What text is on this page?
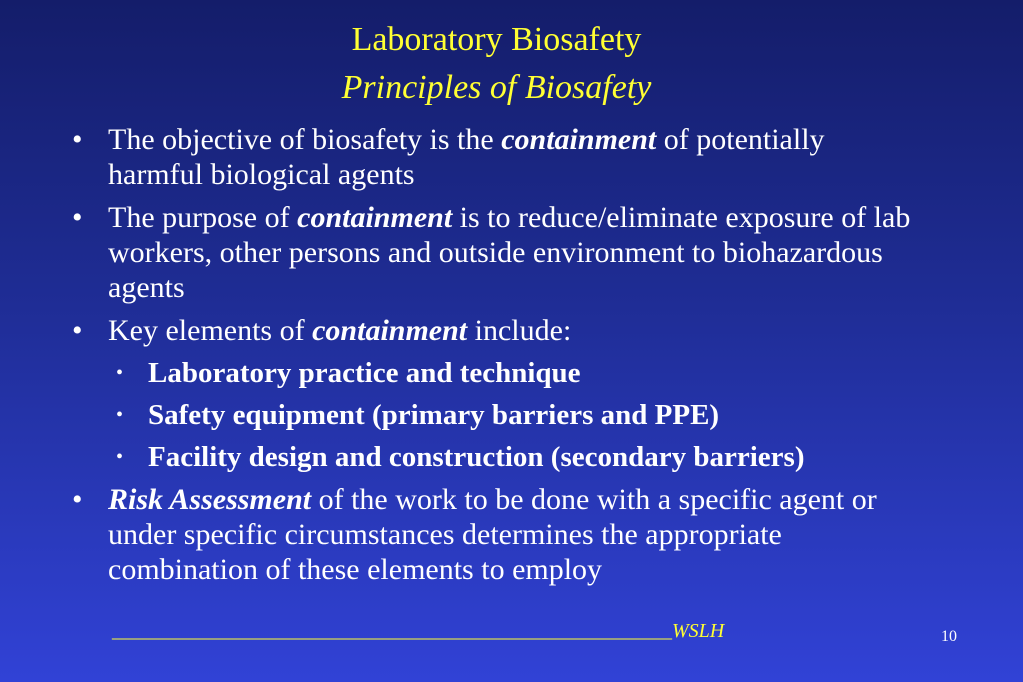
Laboratory Biosafety
Principles of Biosafety
• The objective of biosafety is the containment of potentially harmful biological agents
• The purpose of containment is to reduce/eliminate exposure of lab workers, other persons and outside environment to biohazardous agents
• Key elements of containment include:
• Laboratory practice and technique
• Safety equipment (primary barriers and PPE)
• Facility design and construction (secondary barriers)
• Risk Assessment of the work to be done with a specific agent or under specific circumstances determines the appropriate combination of these elements to employ
________________________________________________________WSLH	10
